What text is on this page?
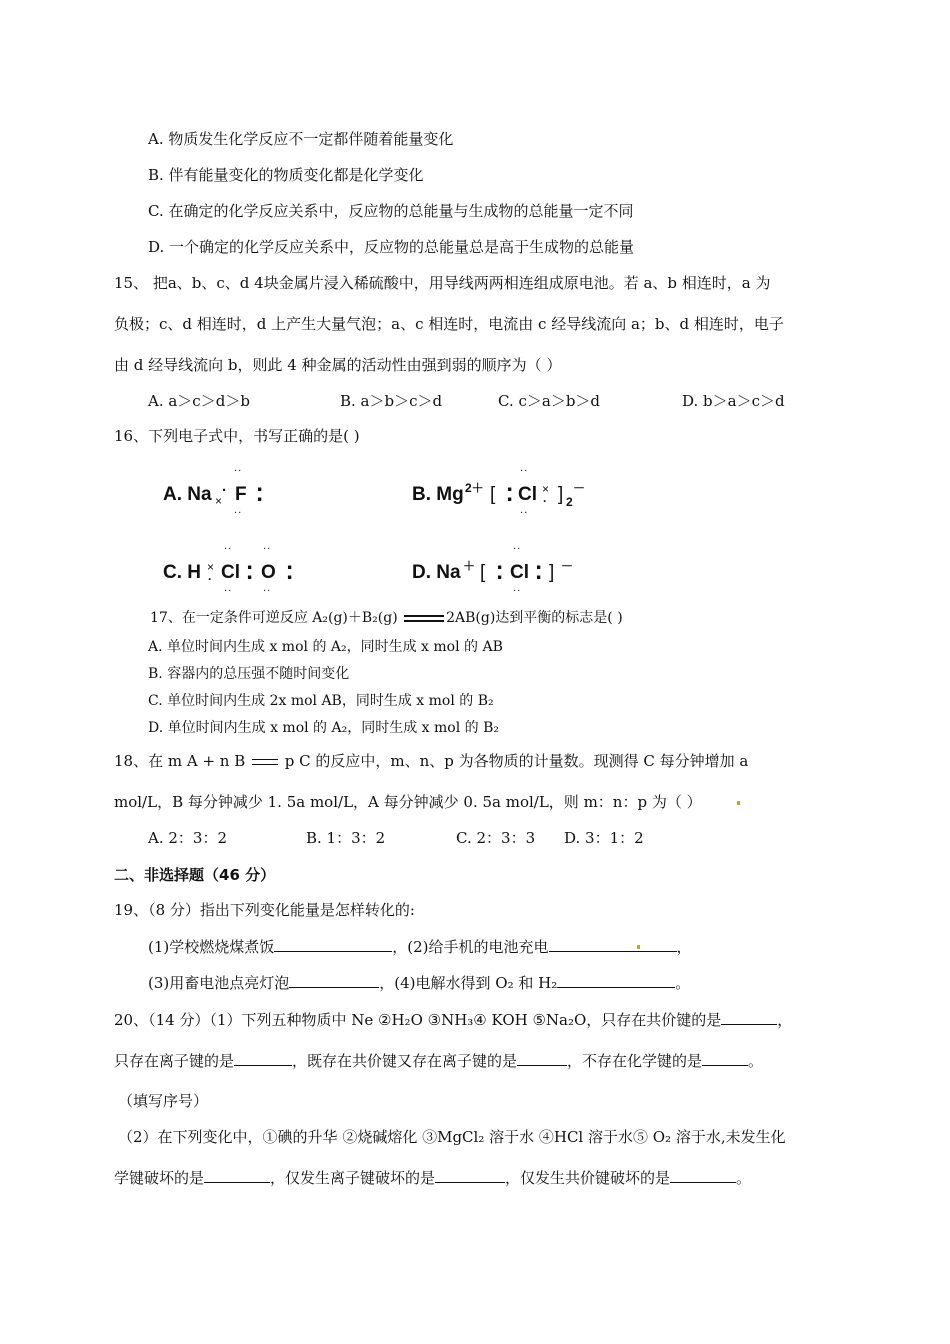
A. 物质发生化学反应不一定都伴随着能量变化
B. 伴有能量变化的物质变化都是化学变化
C. 在确定的化学反应关系中，反应物的总能量与生成物的总能量一定不同
D. 一个确定的化学反应关系中，反应物的总能量总是高于生成物的总能量
15、 把a、b、c、d 4块金属片浸入稀硫酸中，用导线两两相连组成原电池。若 a、b 相连时，a 为
负极；c、d 相连时，d 上产生大量气泡；a、c 相连时，电流由 c 经导线流向 a；b、d 相连时，电子
由 d 经导线流向 b，则此 4 种金属的活动性由强到弱的顺序为（ ）
A. a＞c＞d＞b	B. a＞b＞c＞d	C. c＞a＞b＞d	D. b＞a＞c＞d
16、下列电子式中，书写正确的是( )
A. Na ×
·

··
F
··
⁚	B. Mg 2＋ [ ⁚
··
Cl
··
×
· ] 2
－
C. H ×
·
··
Cl
··
⁚
··
O
··
⁚	D. Na ＋ [ ⁚
··
Cl
··
⁚ ] －
17、在一定条件可逆反应 A₂(g)＋B₂(g)	2AB(g)达到平衡的标志是( )
A. 单位时间内生成 x mol 的 A₂，同时生成 x mol 的 AB
B. 容器内的总压强不随时间变化
C. 单位时间内生成 2x mol AB，同时生成 x mol 的 B₂
D. 单位时间内生成 x mol 的 A₂，同时生成 x mol 的 B₂
18、在 m A + n B  p C 的反应中，m、n、p 为各物质的计量数。现测得 C 每分钟增加 a
mol/L，B 每分钟减少 1. 5a mol/L，A 每分钟减少 0. 5a mol/L，则 m：n：p 为（ ）
A. 2：3：2	B. 1：3：2	C. 2：3：3 D. 3：1：2
二、非选择题（46 分）
19、（8 分）指出下列变化能量是怎样转化的:
(1)学校燃烧煤煮饭	，(2)给手机的电池充电	，
(3)用畜电池点亮灯泡	，(4)电解水得到 O₂ 和 H₂	。
20、（14 分）（1）下列五种物质中 Ne ②H₂O ③NH₃④ KOH ⑤Na₂O，只存在共价键的是	，
只存在离子键的是	，既存在共价键又存在离子键的是	，不存在化学键的是	。
（填写序号）
（2）在下列变化中，①碘的升华 ②烧碱熔化 ③MgCl₂ 溶于水 ④HCl 溶于水⑤ O₂ 溶于水,未发生化
学键破坏的是	，仅发生离子键破坏的是	，仅发生共价键破坏的是	。
